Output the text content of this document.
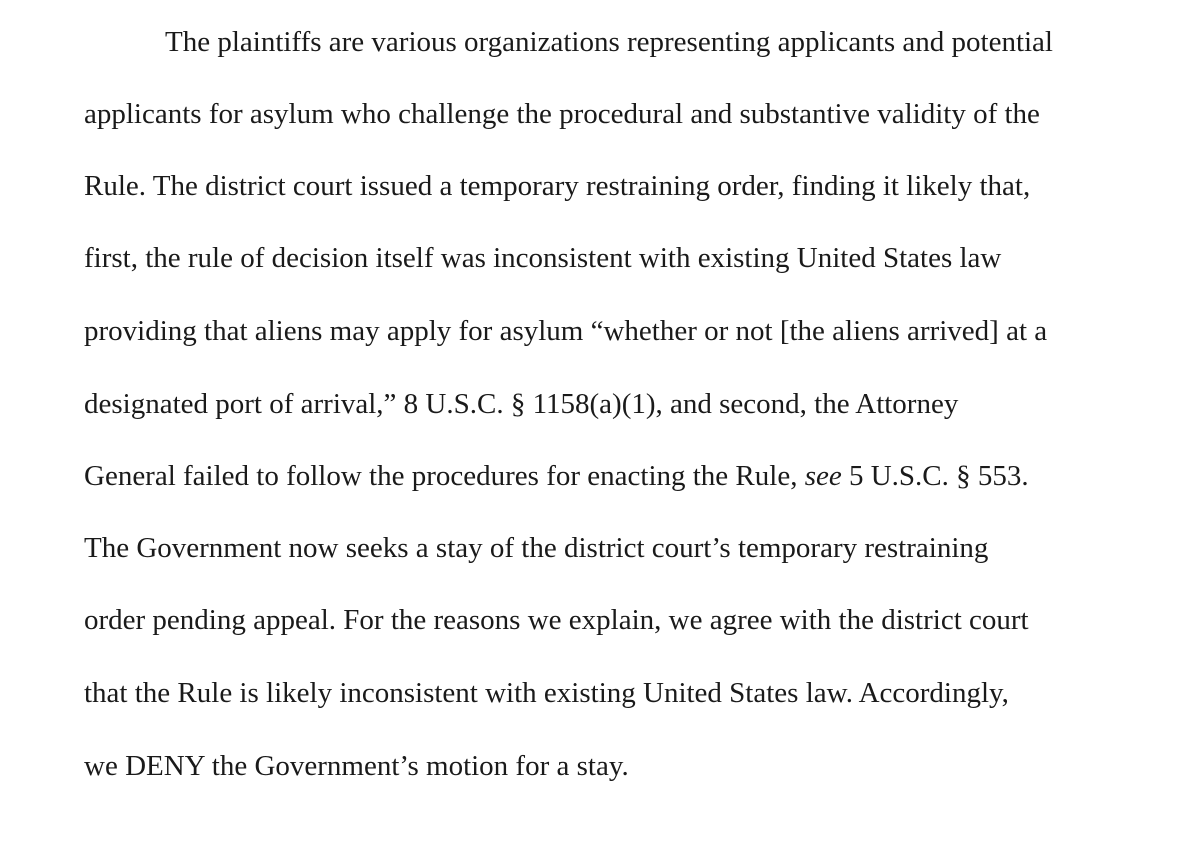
The plaintiffs are various organizations representing applicants and potential
applicants for asylum who challenge the procedural and substantive validity of the
Rule. The district court issued a temporary restraining order, finding it likely that,
first, the rule of decision itself was inconsistent with existing United States law
providing that aliens may apply for asylum “whether or not [the aliens arrived] at a
designated port of arrival,” 8 U.S.C. § 1158(a)(1), and second, the Attorney
General failed to follow the procedures for enacting the Rule, see 5 U.S.C. § 553.
The Government now seeks a stay of the district court’s temporary restraining
order pending appeal. For the reasons we explain, we agree with the district court
that the Rule is likely inconsistent with existing United States law. Accordingly,
we DENY the Government’s motion for a stay.
